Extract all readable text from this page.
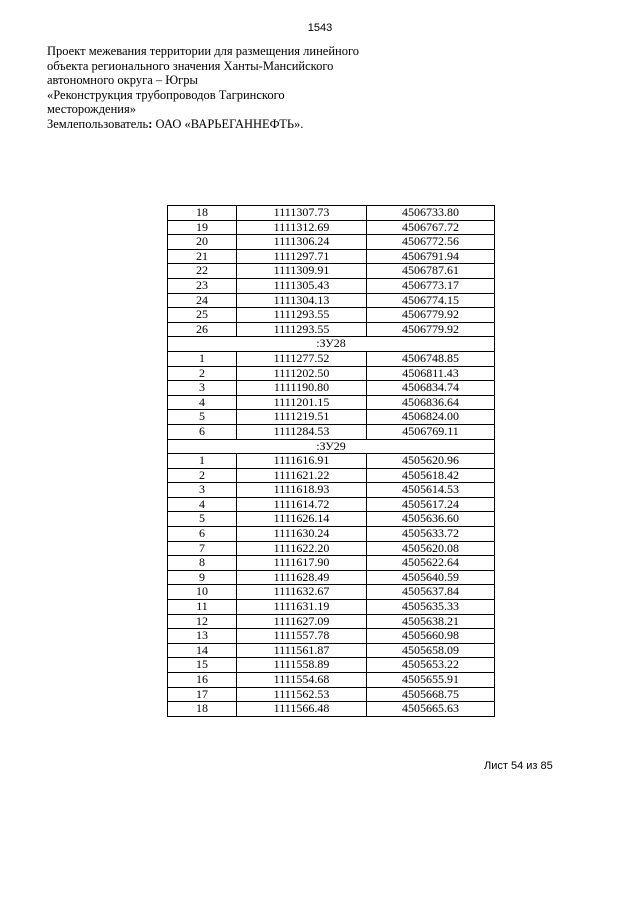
1543
Проект межевания территории для размещения линейного
объекта регионального значения Ханты-Мансийского
автономного округа – Югры
«Реконструкция трубопроводов Тагринского
месторождения»
Землепользователь: ОАО «ВАРЬЕГАННЕФТЬ».
18	1111307.73	4506733.80
19	1111312.69	4506767.72
20	1111306.24	4506772.56
21	1111297.71	4506791.94
22	1111309.91	4506787.61
23	1111305.43	4506773.17
24	1111304.13	4506774.15
25	1111293.55	4506779.92
26	1111293.55	4506779.92
:ЗУ28		
1	1111277.52	4506748.85
2	1111202.50	4506811.43
3	1111190.80	4506834.74
4	1111201.15	4506836.64
5	1111219.51	4506824.00
6	1111284.53	4506769.11
:ЗУ29		
1	1111616.91	4505620.96
2	1111621.22	4505618.42
3	1111618.93	4505614.53
4	1111614.72	4505617.24
5	1111626.14	4505636.60
6	1111630.24	4505633.72
7	1111622.20	4505620.08
8	1111617.90	4505622.64
9	1111628.49	4505640.59
10	1111632.67	4505637.84
11	1111631.19	4505635.33
12	1111627.09	4505638.21
13	1111557.78	4505660.98
14	1111561.87	4505658.09
15	1111558.89	4505653.22
16	1111554.68	4505655.91
17	1111562.53	4505668.75
18	1111566.48	4505665.63
Лист 54 из 85
